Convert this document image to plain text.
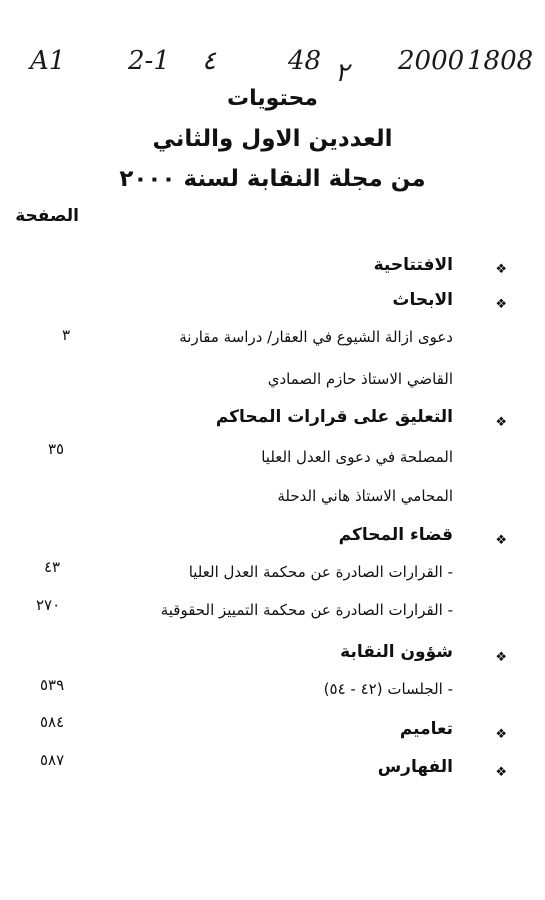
A1 2-1 ٤	48 ٢ 2000 1808
محتويات
العددين الاول والثاني
من مجلة النقابة لسنة ٢٠٠٠
الصفحة
❖
الافتتاحية
❖
الابحاث
دعوى ازالة الشيوع في العقار/ دراسة مقارنة
٣
القاضي الاستاذ حازم الصمادي
❖
التعليق على قرارات المحاكم
المصلحة في دعوى العدل العليا
٣٥
المحامي الاستاذ هاني الدحلة
❖
قضاء المحاكم
- القرارات الصادرة عن محكمة العدل العليا
٤٣
- القرارات الصادرة عن محكمة التمييز الحقوقية
٢٧٠
❖
شؤون النقابة
- الجلسات (٤٢ - ٥٤)
٥٣٩
❖
تعاميم
٥٨٤
❖
الفهارس
٥٨٧
